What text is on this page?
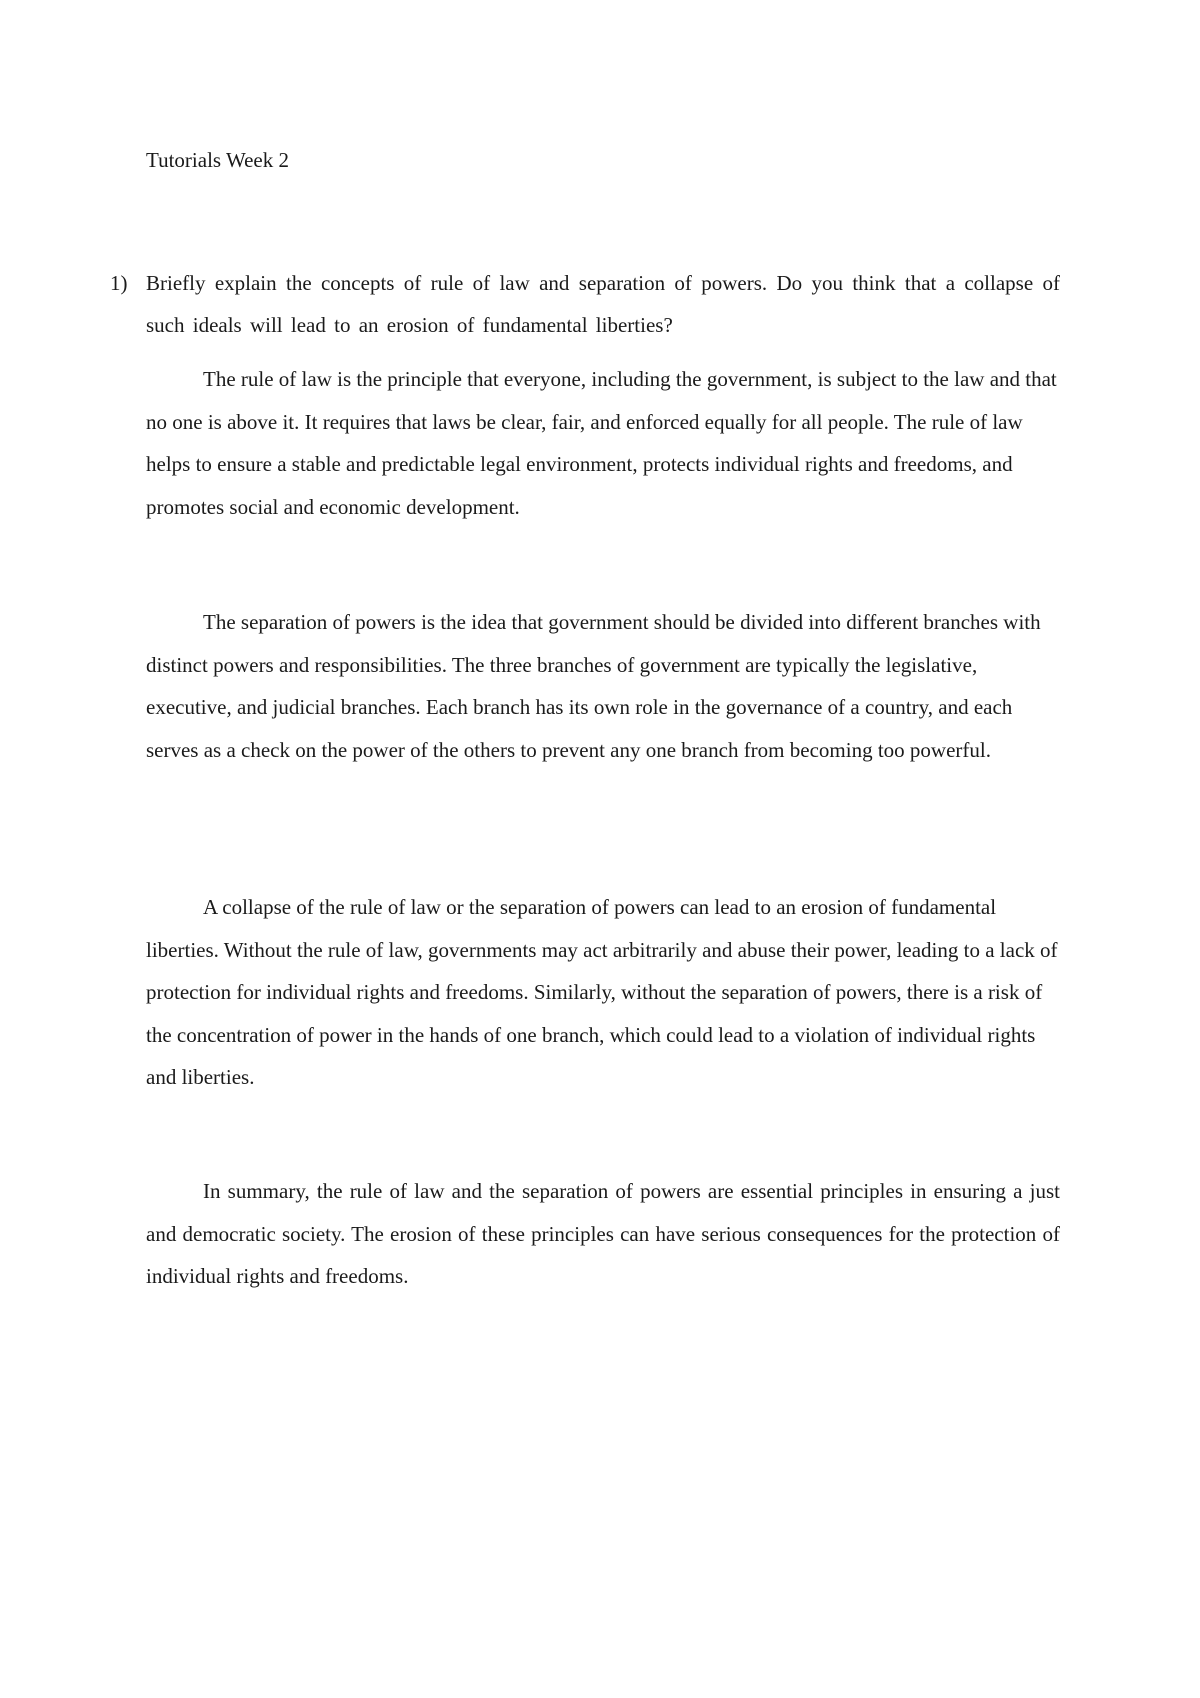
Tutorials Week 2
1) Briefly explain the concepts of rule of law and separation of powers. Do you think that a collapse of such ideals will lead to an erosion of fundamental liberties?

The rule of law is the principle that everyone, including the government, is subject to the law and that no one is above it. It requires that laws be clear, fair, and enforced equally for all people. The rule of law helps to ensure a stable and predictable legal environment, protects individual rights and freedoms, and promotes social and economic development.

The separation of powers is the idea that government should be divided into different branches with distinct powers and responsibilities. The three branches of government are typically the legislative, executive, and judicial branches. Each branch has its own role in the governance of a country, and each serves as a check on the power of the others to prevent any one branch from becoming too powerful.

A collapse of the rule of law or the separation of powers can lead to an erosion of fundamental liberties. Without the rule of law, governments may act arbitrarily and abuse their power, leading to a lack of protection for individual rights and freedoms. Similarly, without the separation of powers, there is a risk of the concentration of power in the hands of one branch, which could lead to a violation of individual rights and liberties.

In summary, the rule of law and the separation of powers are essential principles in ensuring a just and democratic society. The erosion of these principles can have serious consequences for the protection of individual rights and freedoms.
